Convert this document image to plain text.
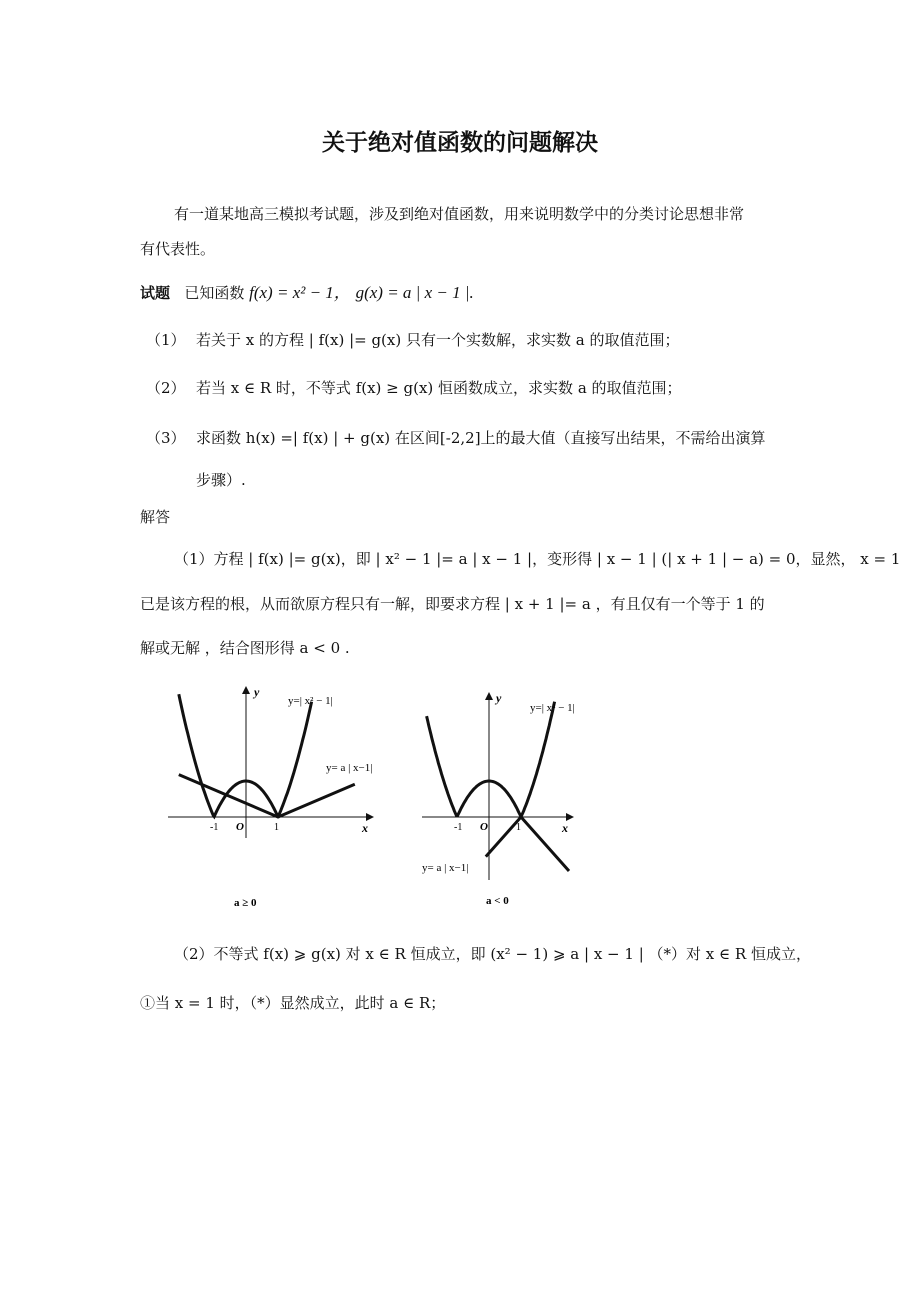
关于绝对值函数的问题解决
有一道某地高三模拟考试题，涉及到绝对值函数，用来说明数学中的分类讨论思想非常
有代表性。
试题 已知函数 f(x) = x² − 1， g(x) = a | x − 1 |.
（1） 若关于 x 的方程 | f(x) |= g(x) 只有一个实数解，求实数 a 的取值范围；
（2） 若当 x ∈ R 时，不等式 f(x) ≥ g(x) 恒函数成立，求实数 a 的取值范围；
（3） 求函数 h(x) =| f(x) | + g(x) 在区间[-2,2]上的最大值（直接写出结果，不需给出演算
步骤）.
解答
（1）方程 | f(x) |= g(x)，即 | x² − 1 |= a | x − 1 |，变形得 | x − 1 | (| x + 1 | − a) = 0，显然， x = 1
已是该方程的根，从而欲原方程只有一解，即要求方程 | x + 1 |= a ，有且仅有一个等于 1 的
解或无解 ，结合图形得 a < 0 .
y
x
O
-1	1
y=| x² − 1|
y= a | x−1|
a ≥ 0
y
x
O
-1	1
y=| x² − 1|
y= a | x−1|
a < 0
（2）不等式 f(x) ⩾ g(x) 对 x ∈ R 恒成立，即 (x² − 1) ⩾ a | x − 1 | （*）对 x ∈ R 恒成立，
①当 x = 1 时，（*）显然成立，此时 a ∈ R；
